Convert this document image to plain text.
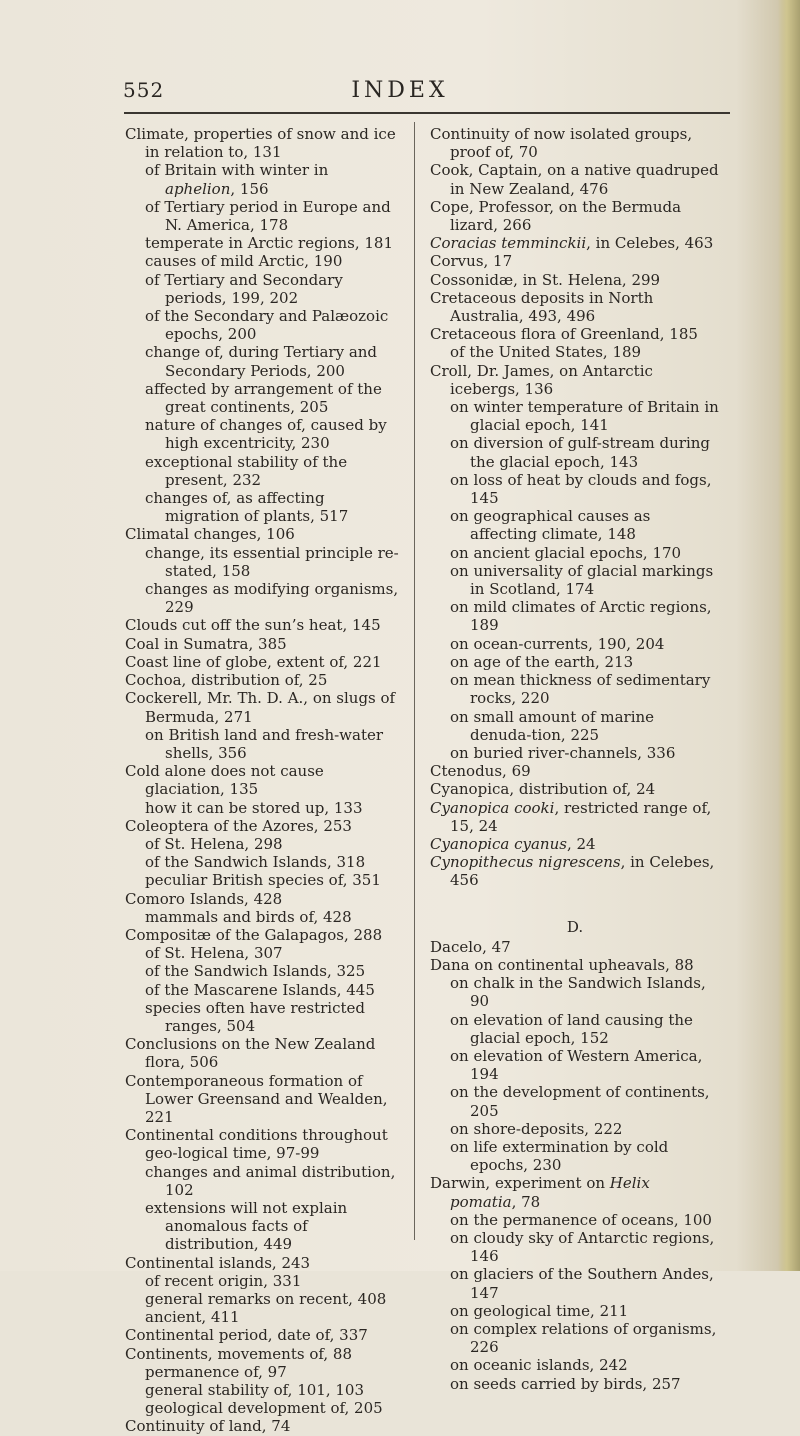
552	INDEX

Climate, properties of snow and ice in relation to, 131

of Britain with winter in aphelion, 156

of Tertiary period in Europe and N. America, 178

temperate in Arctic regions, 181

causes of mild Arctic, 190

of Tertiary and Secondary periods, 199, 202

of the Secondary and Palæozoic epochs, 200

change of, during Tertiary and Secondary Periods, 200

affected by arrangement of the great continents, 205

nature of changes of, caused by high excentricity, 230

exceptional stability of the present, 232

changes of, as affecting migration of plants, 517

Climatal changes, 106

change, its essential principle re-stated, 158

changes as modifying organisms, 229

Clouds cut off the sun’s heat, 145

Coal in Sumatra, 385

Coast line of globe, extent of, 221

Cochoa, distribution of, 25

Cockerell, Mr. Th. D. A., on slugs of Bermuda, 271

on British land and fresh-water shells, 356

Cold alone does not cause glaciation, 135

how it can be stored up, 133

Coleoptera of the Azores, 253

of St. Helena, 298

of the Sandwich Islands, 318

peculiar British species of, 351

Comoro Islands, 428

mammals and birds of, 428

Compositæ of the Galapagos, 288

of St. Helena, 307

of the Sandwich Islands, 325

of the Mascarene Islands, 445

species often have restricted ranges, 504

Conclusions on the New Zealand flora, 506

Contemporaneous formation of Lower Greensand and Wealden, 221

Continental conditions throughout geo-logical time, 97-99

changes and animal distribution, 102

extensions will not explain anomalous facts of distribution, 449

Continental islands, 243

of recent origin, 331

general remarks on recent, 408

ancient, 411

Continental period, date of, 337

Continents, movements of, 88

permanence of, 97

general stability of, 101, 103

geological development of, 205

Continuity of land, 74

Continuity of now isolated groups, proof of, 70

Cook, Captain, on a native quadruped in New Zealand, 476

Cope, Professor, on the Bermuda lizard, 266

Coracias temminckii, in Celebes, 463

Corvus, 17

Cossonidæ, in St. Helena, 299

Cretaceous deposits in North Australia, 493, 496

Cretaceous flora of Greenland, 185

of the United States, 189

Croll, Dr. James, on Antarctic icebergs, 136

on winter temperature of Britain in glacial epoch, 141

on diversion of gulf-stream during the glacial epoch, 143

on loss of heat by clouds and fogs, 145

on geographical causes as affecting climate, 148

on ancient glacial epochs, 170

on universality of glacial markings in Scotland, 174

on mild climates of Arctic regions, 189

on ocean-currents, 190, 204

on age of the earth, 213

on mean thickness of sedimentary rocks, 220

on small amount of marine denuda-tion, 225

on buried river-channels, 336

Ctenodus, 69

Cyanopica, distribution of, 24

Cyanopica cooki, restricted range of, 15, 24

Cyanopica cyanus, 24

Cynopithecus nigrescens, in Celebes, 456

D.

Dacelo, 47

Dana on continental upheavals, 88

on chalk in the Sandwich Islands, 90

on elevation of land causing the glacial epoch, 152

on elevation of Western America, 194

on the development of continents, 205

on shore-deposits, 222

on life extermination by cold epochs, 230

Darwin, experiment on Helix pomatia, 78

on the permanence of oceans, 100

on cloudy sky of Antarctic regions, 146

on glaciers of the Southern Andes, 147

on geological time, 211

on complex relations of organisms, 226

on oceanic islands, 242

on seeds carried by birds, 257
